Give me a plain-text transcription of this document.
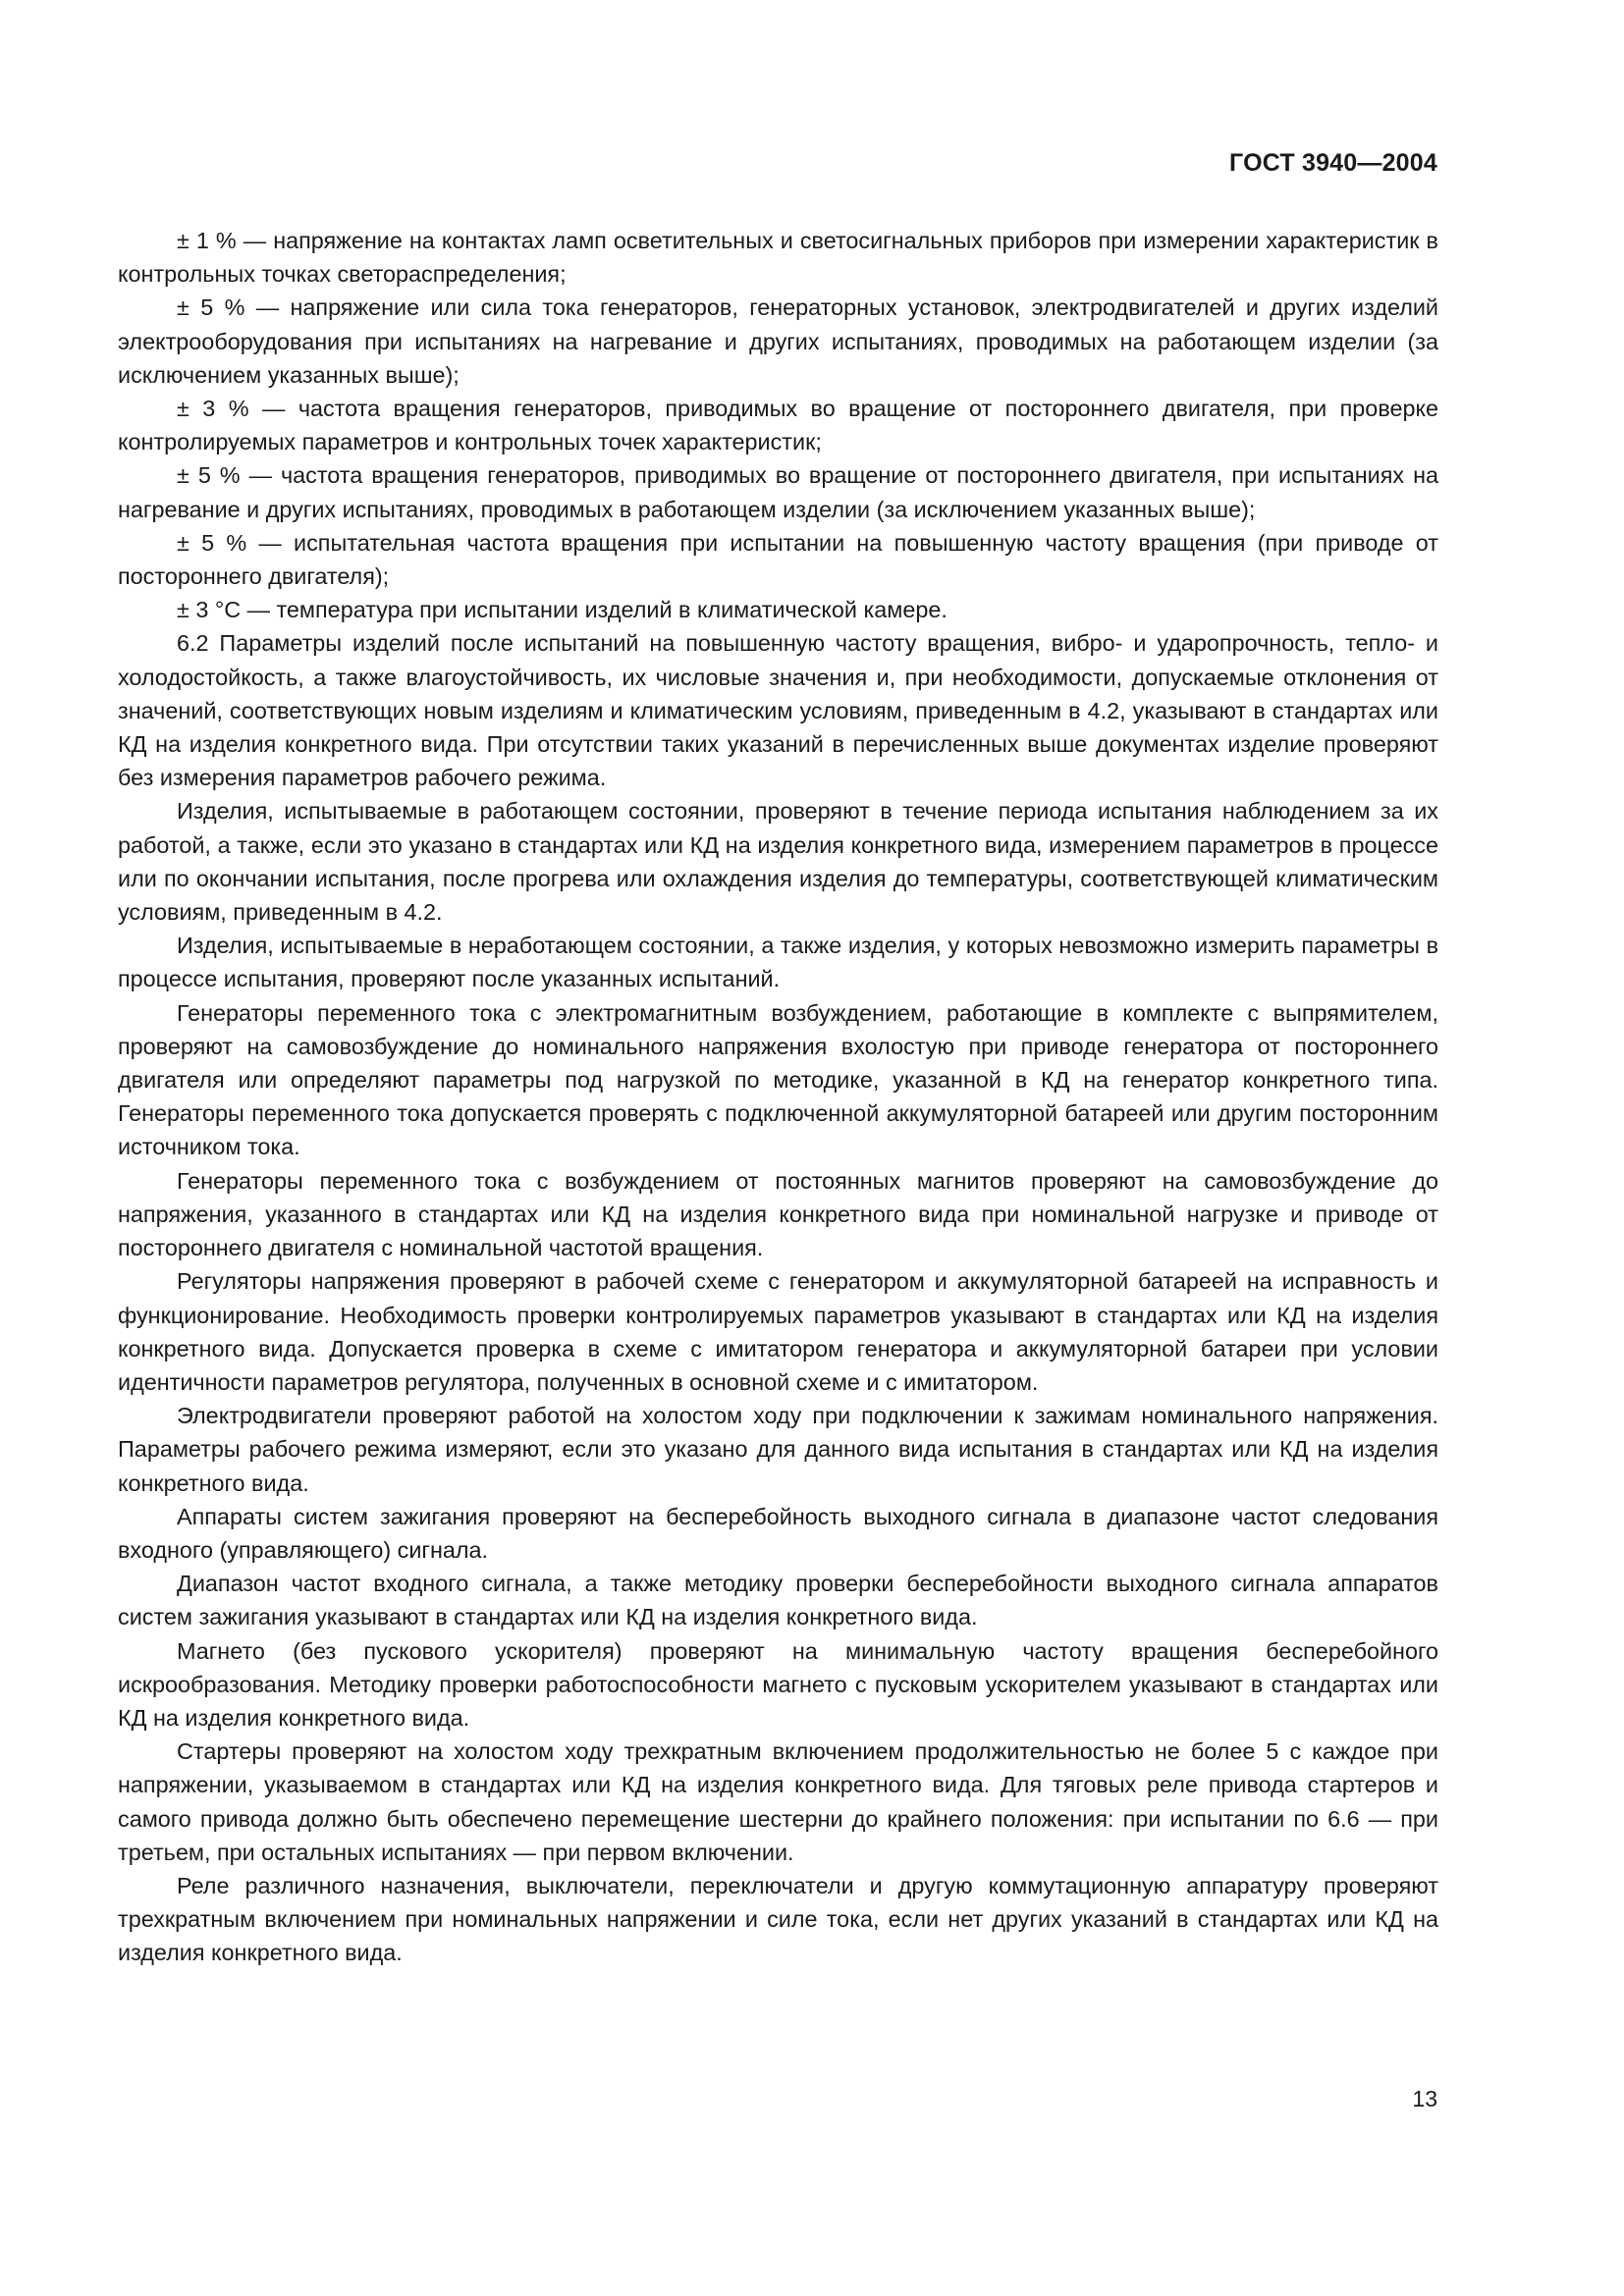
ГОСТ 3940—2004

± 1 % — напряжение на контактах ламп осветительных и светосигнальных приборов при измерении характеристик в контрольных точках светораспределения;

± 5 % — напряжение или сила тока генераторов, генераторных установок, электродвигателей и других изделий электрооборудования при испытаниях на нагревание и других испытаниях, проводимых на работающем изделии (за исключением указанных выше);

± 3 % — частота вращения генераторов, приводимых во вращение от постороннего двигателя, при проверке контролируемых параметров и контрольных точек характеристик;

± 5 % — частота вращения генераторов, приводимых во вращение от постороннего двигателя, при испытаниях на нагревание и других испытаниях, проводимых в работающем изделии (за исключением указанных выше);

± 5 % — испытательная частота вращения при испытании на повышенную частоту вращения (при приводе от постороннего двигателя);

± 3 °С — температура при испытании изделий в климатической камере.

6.2 Параметры изделий после испытаний на повышенную частоту вращения, вибро- и ударопрочность, тепло- и холодостойкость, а также влагоустойчивость, их числовые значения и, при необходимости, допускаемые отклонения от значений, соответствующих новым изделиям и климатическим условиям, приведенным в 4.2, указывают в стандартах или КД на изделия конкретного вида. При отсутствии таких указаний в перечисленных выше документах изделие проверяют без измерения параметров рабочего режима.

Изделия, испытываемые в работающем состоянии, проверяют в течение периода испытания наблюдением за их работой, а также, если это указано в стандартах или КД на изделия конкретного вида, измерением параметров в процессе или по окончании испытания, после прогрева или охлаждения изделия до температуры, соответствующей климатическим условиям, приведенным в 4.2.

Изделия, испытываемые в неработающем состоянии, а также изделия, у которых невозможно измерить параметры в процессе испытания, проверяют после указанных испытаний.

Генераторы переменного тока с электромагнитным возбуждением, работающие в комплекте с выпрямителем, проверяют на самовозбуждение до номинального напряжения вхолостую при приводе генератора от постороннего двигателя или определяют параметры под нагрузкой по методике, указанной в КД на генератор конкретного типа. Генераторы переменного тока допускается проверять с подключенной аккумуляторной батареей или другим посторонним источником тока.

Генераторы переменного тока с возбуждением от постоянных магнитов проверяют на самовозбуждение до напряжения, указанного в стандартах или КД на изделия конкретного вида при номинальной нагрузке и приводе от постороннего двигателя с номинальной частотой вращения.

Регуляторы напряжения проверяют в рабочей схеме с генератором и аккумуляторной батареей на исправность и функционирование. Необходимость проверки контролируемых параметров указывают в стандартах или КД на изделия конкретного вида. Допускается проверка в схеме с имитатором генератора и аккумуляторной батареи при условии идентичности параметров регулятора, полученных в основной схеме и с имитатором.

Электродвигатели проверяют работой на холостом ходу при подключении к зажимам номинального напряжения. Параметры рабочего режима измеряют, если это указано для данного вида испытания в стандартах или КД на изделия конкретного вида.

Аппараты систем зажигания проверяют на бесперебойность выходного сигнала в диапазоне частот следования входного (управляющего) сигнала.

Диапазон частот входного сигнала, а также методику проверки бесперебойности выходного сигнала аппаратов систем зажигания указывают в стандартах или КД на изделия конкретного вида.

Магнето (без пускового ускорителя) проверяют на минимальную частоту вращения бесперебойного искрообразования. Методику проверки работоспособности магнето с пусковым ускорителем указывают в стандартах или КД на изделия конкретного вида.

Стартеры проверяют на холостом ходу трехкратным включением продолжительностью не более 5 с каждое при напряжении, указываемом в стандартах или КД на изделия конкретного вида. Для тяговых реле привода стартеров и самого привода должно быть обеспечено перемещение шестерни до крайнего положения: при испытании по 6.6 — при третьем, при остальных испытаниях — при первом включении.

Реле различного назначения, выключатели, переключатели и другую коммутационную аппаратуру проверяют трехкратным включением при номинальных напряжении и силе тока, если нет других указаний в стандартах или КД на изделия конкретного вида.

13
